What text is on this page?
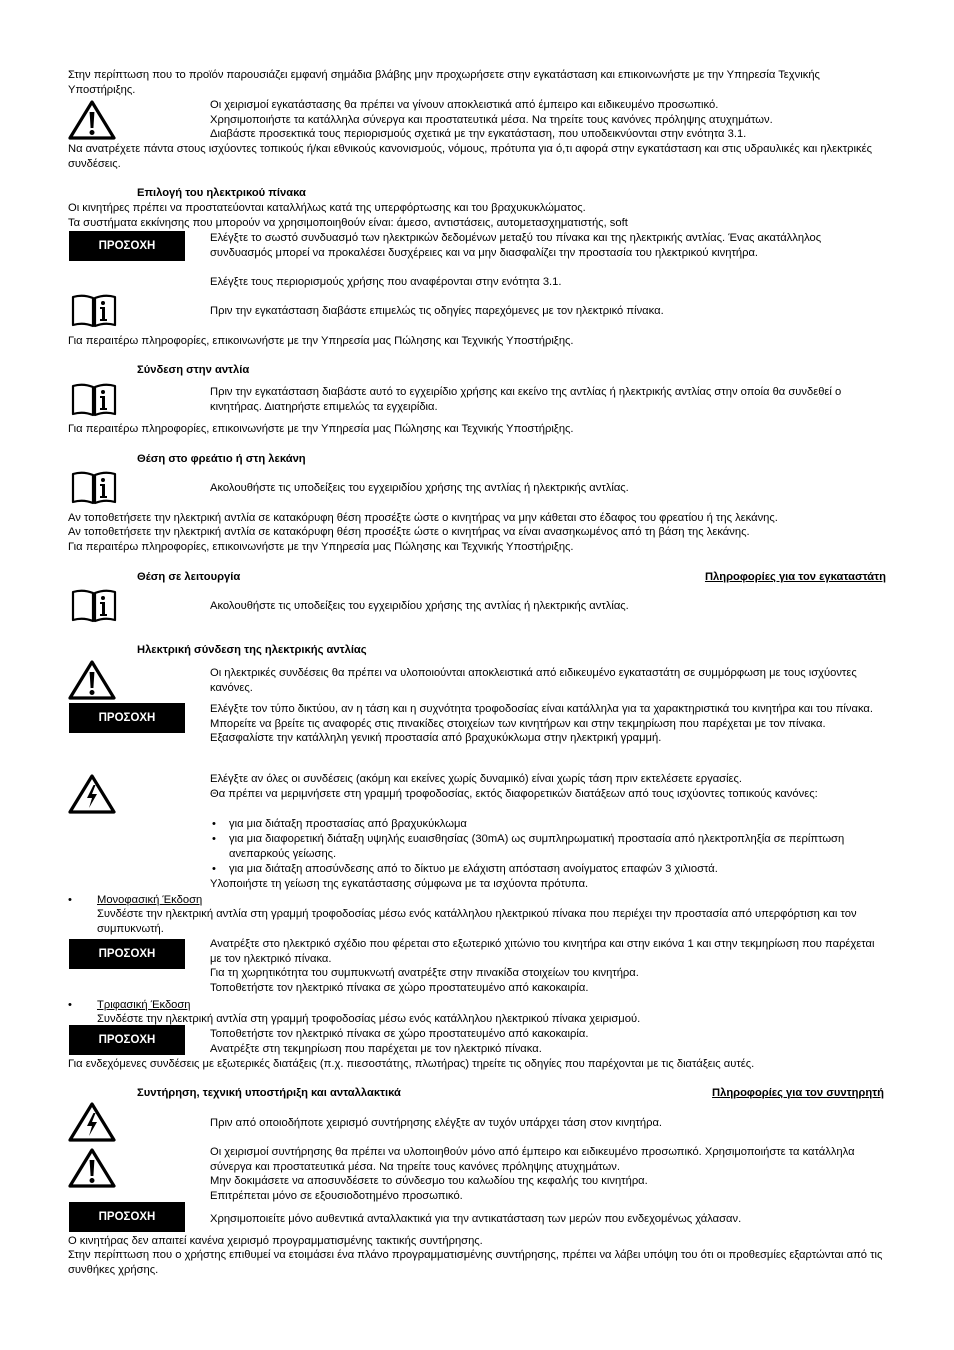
Στην περίπτωση που το προϊόν παρουσιάζει εμφανή σημάδια βλάβης μην προχωρήσετε στην εγκατάσταση και επικοινωνήστε με την Υπηρεσία Τεχνικής Υποστήριξης.
Οι χειρισμοί εγκατάστασης θα πρέπει να γίνουν αποκλειστικά από έμπειρο και ειδικευμένο προσωπικό.
Χρησιμοποιήστε τα κατάλληλα σύνεργα και προστατευτικά μέσα. Να τηρείτε τους κανόνες πρόληψης ατυχημάτων.
Διαβάστε προσεκτικά τους περιορισμούς σχετικά με την εγκατάσταση, που υποδεικνύονται στην ενότητα 3.1.
Να ανατρέχετε πάντα στους ισχύοντες τοπικούς ή/και εθνικούς κανονισμούς, νόμους, πρότυπα για ό,τι αφορά στην εγκατάσταση και στις υδραυλικές και ηλεκτρικές συνδέσεις.
Επιλογή του ηλεκτρικού πίνακα
Οι κινητήρες πρέπει να προστατεύονται καταλλήλως κατά της υπερφόρτωσης και του βραχυκυκλώματος.
Τα συστήματα εκκίνησης που μπορούν να χρησιμοποιηθούν είναι: άμεσο, αντιστάσεις, αυτομετασχηματιστής, soft
ΠΡΟΣΟΧΗ
Ελέγξτε το σωστό συνδυασμό των ηλεκτρικών δεδομένων μεταξύ του πίνακα και της ηλεκτρικής αντλίας. Ένας ακατάλληλος συνδυασμός μπορεί να προκαλέσει δυσχέρειες και να μην διασφαλίζει την προστασία του ηλεκτρικού κινητήρα.
Ελέγξτε τους περιορισμούς χρήσης που αναφέρονται στην ενότητα 3.1.
Πριν την εγκατάσταση διαβάστε επιμελώς τις οδηγίες παρεχόμενες με τον ηλεκτρικό πίνακα.
Για περαιτέρω πληροφορίες, επικοινωνήστε με την Υπηρεσία μας Πώλησης και Τεχνικής Υποστήριξης.
Σύνδεση στην αντλία
Πριν την εγκατάσταση διαβάστε αυτό το εγχειρίδιο χρήσης και εκείνο της αντλίας ή ηλεκτρικής αντλίας στην οποία θα συνδεθεί ο κινητήρας. Διατηρήστε επιμελώς τα εγχειρίδια.
Για περαιτέρω πληροφορίες, επικοινωνήστε με την Υπηρεσία μας Πώλησης και Τεχνικής Υποστήριξης.
Θέση στο φρεάτιο ή στη λεκάνη
Ακολουθήστε τις υποδείξεις του εγχειριδίου χρήσης της αντλίας ή ηλεκτρικής αντλίας.
Αν τοποθετήσετε την ηλεκτρική αντλία σε κατακόρυφη θέση προσέξτε ώστε ο κινητήρας να μην κάθεται στο έδαφος του φρεατίου ή της λεκάνης.
Αν τοποθετήσετε την ηλεκτρική αντλία σε κατακόρυφη θέση προσέξτε ώστε ο κινητήρας να είναι ανασηκωμένος από τη βάση της λεκάνης.
Για περαιτέρω πληροφορίες, επικοινωνήστε με την Υπηρεσία μας Πώλησης και Τεχνικής Υποστήριξης.
Θέση σε λειτουργία	Πληροφορίες για τον εγκαταστάτη
Ακολουθήστε τις υποδείξεις του εγχειριδίου χρήσης της αντλίας ή ηλεκτρικής αντλίας.
Ηλεκτρική σύνδεση της ηλεκτρικής αντλίας
Οι ηλεκτρικές συνδέσεις θα πρέπει να υλοποιούνται αποκλειστικά από ειδικευμένο εγκαταστάτη σε συμμόρφωση με τους ισχύοντες κανόνες.
ΠΡΟΣΟΧΗ
Ελέγξτε τον τύπο δικτύου, αν η τάση και η συχνότητα τροφοδοσίας είναι κατάλληλα για τα χαρακτηριστικά του κινητήρα και του πίνακα. Μπορείτε να βρείτε τις αναφορές στις πινακίδες στοιχείων των κινητήρων και στην τεκμηρίωση που παρέχεται με τον πίνακα. Εξασφαλίστε την κατάλληλη γενική προστασία από βραχυκύκλωμα στην ηλεκτρική γραμμή.
Ελέγξτε αν όλες οι συνδέσεις (ακόμη και εκείνες χωρίς δυναμικό) είναι χωρίς τάση πριν εκτελέσετε εργασίες.
Θα πρέπει να μεριμνήσετε στη γραμμή τροφοδοσίας, εκτός διαφορετικών διατάξεων από τους ισχύοντες τοπικούς κανόνες:
• για μια διάταξη προστασίας από βραχυκύκλωμα
• για μια διαφορετική διάταξη υψηλής ευαισθησίας (30mA) ως συμπληρωματική προστασία από ηλεκτροπληξία σε περίπτωση ανεπαρκούς γείωσης.
• για μια διάταξη αποσύνδεσης από το δίκτυο με ελάχιστη απόσταση ανοίγματος επαφών 3 χιλιοστά.
Υλοποιήστε τη γείωση της εγκατάστασης σύμφωνα με τα ισχύοντα πρότυπα.
• Μονοφασική Έκδοση
Συνδέστε την ηλεκτρική αντλία στη γραμμή τροφοδοσίας μέσω ενός κατάλληλου ηλεκτρικού πίνακα που περιέχει την προστασία από υπερφόρτιση και τον συμπυκνωτή.
ΠΡΟΣΟΧΗ
Ανατρέξτε στο ηλεκτρικό σχέδιο που φέρεται στο εξωτερικό χιτώνιο του κινητήρα και στην εικόνα 1 και στην τεκμηρίωση που παρέχεται με τον ηλεκτρικό πίνακα.
Για τη χωρητικότητα του συμπυκνωτή ανατρέξτε στην πινακίδα στοιχείων του κινητήρα.
Τοποθετήστε τον ηλεκτρικό πίνακα σε χώρο προστατευμένο από κακοκαιρία.
• Τριφασική Έκδοση
Συνδέστε την ηλεκτρική αντλία στη γραμμή τροφοδοσίας μέσω ενός κατάλληλου ηλεκτρικού πίνακα χειρισμού.
ΠΡΟΣΟΧΗ	Τοποθετήστε τον ηλεκτρικό πίνακα σε χώρο προστατευμένο από κακοκαιρία.
Ανατρέξτε στη τεκμηρίωση που παρέχεται με τον ηλεκτρικό πίνακα.
Για ενδεχόμενες συνδέσεις με εξωτερικές διατάξεις (π.χ. πιεσοστάτης, πλωτήρας) τηρείτε τις οδηγίες που παρέχονται με τις διατάξεις αυτές.
Συντήρηση, τεχνική υποστήριξη και ανταλλακτικά	Πληροφορίες για τον συντηρητή
Πριν από οποιοδήποτε χειρισμό συντήρησης ελέγξτε αν τυχόν υπάρχει τάση στον κινητήρα.
Οι χειρισμοί συντήρησης θα πρέπει να υλοποιηθούν μόνο από έμπειρο και ειδικευμένο προσωπικό. Χρησιμοποιήστε τα κατάλληλα σύνεργα και προστατευτικά μέσα. Να τηρείτε τους κανόνες πρόληψης ατυχημάτων.
Μην δοκιμάσετε να αποσυνδέσετε το σύνδεσμο του καλωδίου της κεφαλής του κινητήρα.
Επιτρέπεται μόνο σε εξουσιοδοτημένο προσωπικό.
ΠΡΟΣΟΧΗ	Χρησιμοποιείτε μόνο αυθεντικά ανταλλακτικά για την αντικατάσταση των μερών που ενδεχομένως χάλασαν.
Ο κινητήρας δεν απαιτεί κανένα χειρισμό προγραμματισμένης τακτικής συντήρησης.
Στην περίπτωση που ο χρήστης επιθυμεί να ετοιμάσει ένα πλάνο προγραμματισμένης συντήρησης, πρέπει να λάβει υπόψη του ότι οι προθεσμίες εξαρτώνται από τις συνθήκες χρήσης.
